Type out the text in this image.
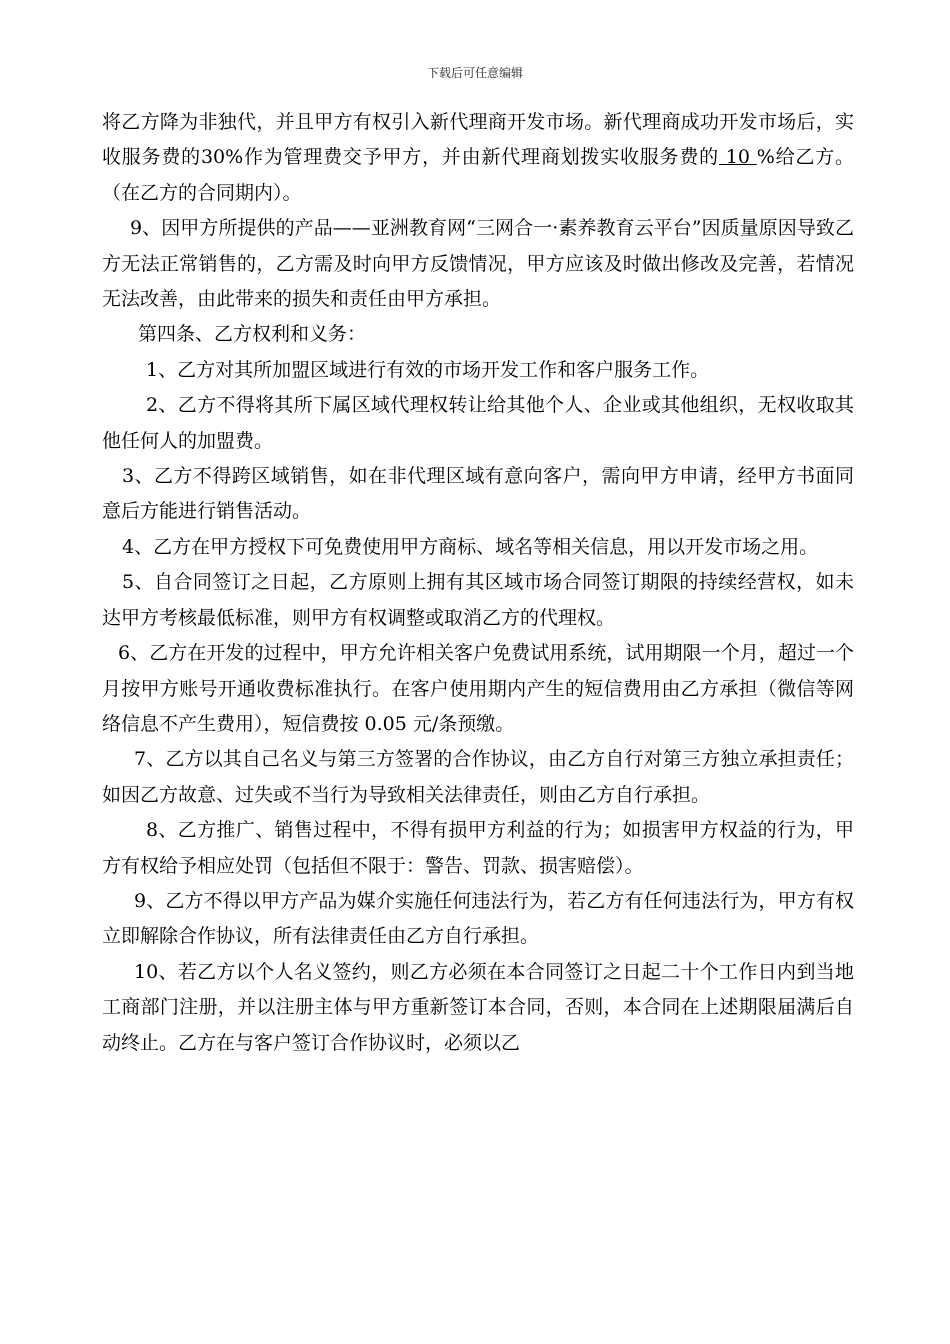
下载后可任意编辑

将乙方降为非独代，并且甲方有权引入新代理商开发市场。新代理商成功开发市场后，实收服务费的30%作为管理费交予甲方，并由新代理商划拨实收服务费的 10 %给乙方。（在乙方的合同期内）。

9、因甲方所提供的产品——亚洲教育网“三网合一·素养教育云平台”因质量原因导致乙方无法正常销售的，乙方需及时向甲方反馈情况，甲方应该及时做出修改及完善，若情况无法改善，由此带来的损失和责任由甲方承担。

第四条、乙方权利和义务：

1、乙方对其所加盟区域进行有效的市场开发工作和客户服务工作。

2、乙方不得将其所下属区域代理权转让给其他个人、企业或其他组织，无权收取其他任何人的加盟费。

3、乙方不得跨区域销售，如在非代理区域有意向客户，需向甲方申请，经甲方书面同意后方能进行销售活动。

4、乙方在甲方授权下可免费使用甲方商标、域名等相关信息，用以开发市场之用。

5、自合同签订之日起，乙方原则上拥有其区域市场合同签订期限的持续经营权，如未达甲方考核最低标准，则甲方有权调整或取消乙方的代理权。

6、乙方在开发的过程中，甲方允许相关客户免费试用系统，试用期限一个月，超过一个月按甲方账号开通收费标准执行。在客户使用期内产生的短信费用由乙方承担（微信等网络信息不产生费用），短信费按 0.05 元/条预缴。

7、乙方以其自己名义与第三方签署的合作协议，由乙方自行对第三方独立承担责任；如因乙方故意、过失或不当行为导致相关法律责任，则由乙方自行承担。

8、乙方推广、销售过程中，不得有损甲方利益的行为；如损害甲方权益的行为，甲方有权给予相应处罚（包括但不限于：警告、罚款、损害赔偿）。

9、乙方不得以甲方产品为媒介实施任何违法行为，若乙方有任何违法行为，甲方有权立即解除合作协议，所有法律责任由乙方自行承担。

10、若乙方以个人名义签约，则乙方必须在本合同签订之日起二十个工作日内到当地工商部门注册，并以注册主体与甲方重新签订本合同，否则，本合同在上述期限届满后自动终止。乙方在与客户签订合作协议时，必须以乙
